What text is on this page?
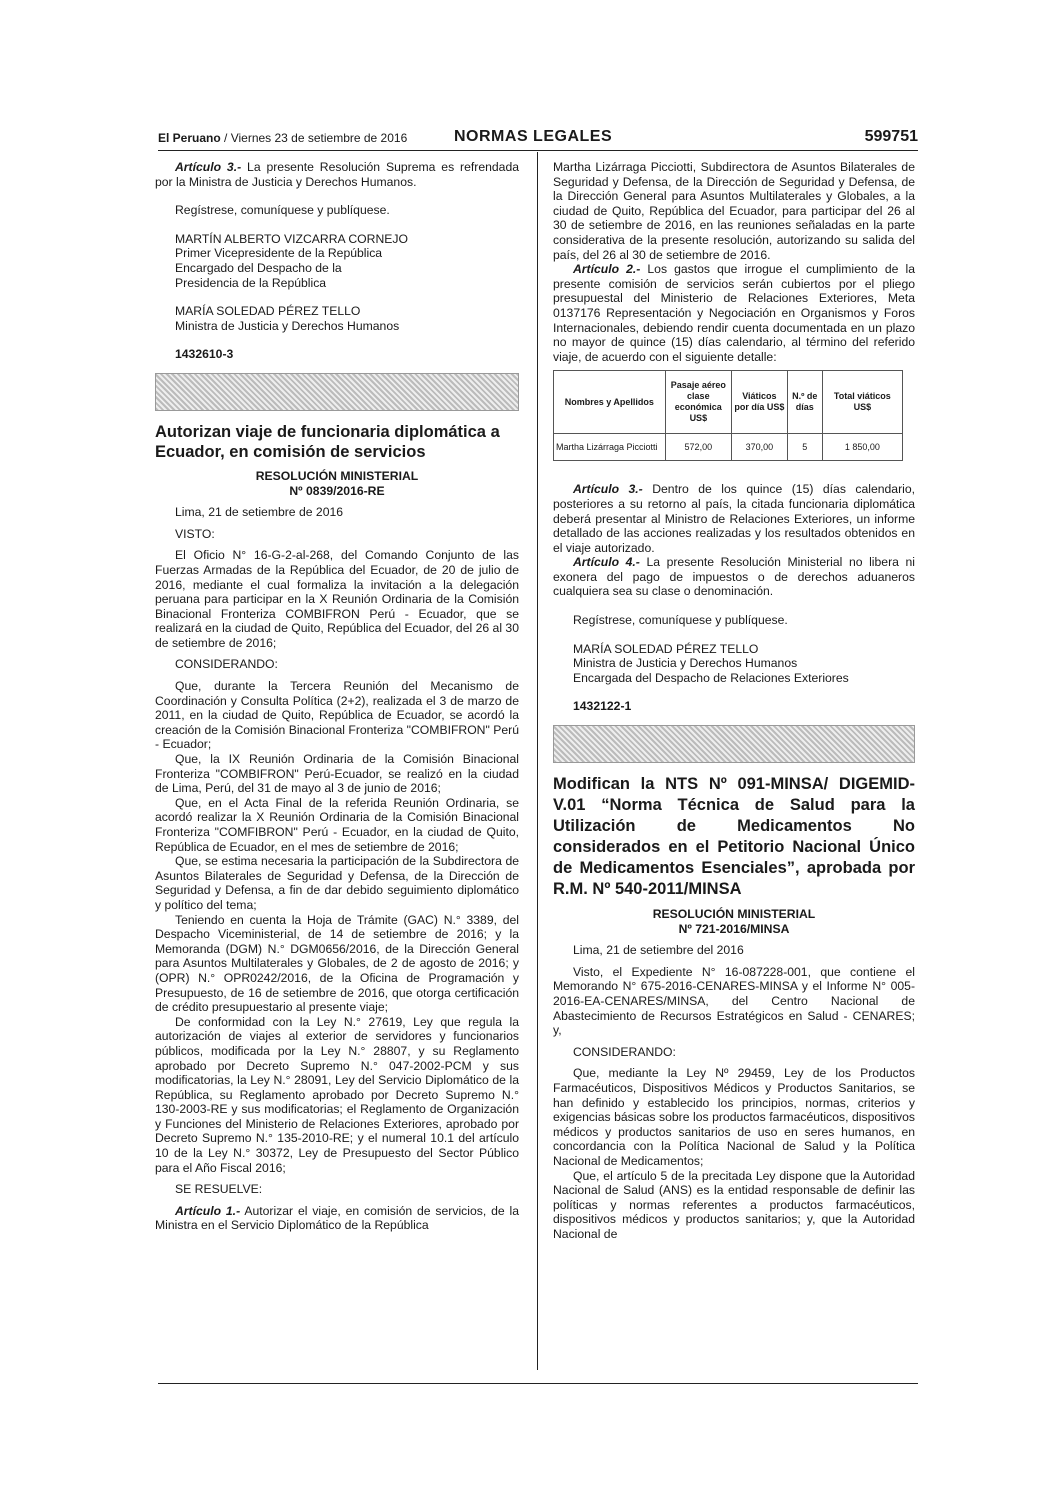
El Peruano / Viernes 23 de setiembre de 2016	NORMAS LEGALES	599751

Artículo 3.- La presente Resolución Suprema es refrendada por la Ministra de Justicia y Derechos Humanos.

Regístrese, comuníquese y publíquese.

MARTÍN ALBERTO VIZCARRA CORNEJO

Primer Vicepresidente de la República

Encargado del Despacho de la

Presidencia de la República

MARÍA SOLEDAD PÉREZ TELLO

Ministra de Justicia y Derechos Humanos

1432610-3

Autorizan viaje de funcionaria diplomática a Ecuador, en comisión de servicios

RESOLUCIÓN MINISTERIAL

Nº 0839/2016-RE

Lima, 21 de setiembre de 2016

VISTO:

El Oficio N° 16-G-2-al-268, del Comando Conjunto de las Fuerzas Armadas de la República del Ecuador, de 20 de julio de 2016, mediante el cual formaliza la invitación a la delegación peruana para participar en la X Reunión Ordinaria de la Comisión Binacional Fronteriza COMBIFRON Perú - Ecuador, que se realizará en la ciudad de Quito, República del Ecuador, del 26 al 30 de setiembre de 2016;

CONSIDERANDO:

Que, durante la Tercera Reunión del Mecanismo de Coordinación y Consulta Política (2+2), realizada el 3 de marzo de 2011, en la ciudad de Quito, República de Ecuador, se acordó la creación de la Comisión Binacional Fronteriza "COMBIFRON" Perú - Ecuador;

Que, la IX Reunión Ordinaria de la Comisión Binacional Fronteriza "COMBIFRON" Perú-Ecuador, se realizó en la ciudad de Lima, Perú, del 31 de mayo al 3 de junio de 2016;

Que, en el Acta Final de la referida Reunión Ordinaria, se acordó realizar la X Reunión Ordinaria de la Comisión Binacional Fronteriza "COMFIBRON" Perú - Ecuador, en la ciudad de Quito, República de Ecuador, en el mes de setiembre de 2016;

Que, se estima necesaria la participación de la Subdirectora de Asuntos Bilaterales de Seguridad y Defensa, de la Dirección de Seguridad y Defensa, a fin de dar debido seguimiento diplomático y político del tema;

Teniendo en cuenta la Hoja de Trámite (GAC) N.° 3389, del Despacho Viceministerial, de 14 de setiembre de 2016; y la Memoranda (DGM) N.° DGM0656/2016, de la Dirección General para Asuntos Multilaterales y Globales, de 2 de agosto de 2016; y (OPR) N.° OPR0242/2016, de la Oficina de Programación y Presupuesto, de 16 de setiembre de 2016, que otorga certificación de crédito presupuestario al presente viaje;

De conformidad con la Ley N.° 27619, Ley que regula la autorización de viajes al exterior de servidores y funcionarios públicos, modificada por la Ley N.° 28807, y su Reglamento aprobado por Decreto Supremo N.° 047-2002-PCM y sus modificatorias, la Ley N.° 28091, Ley del Servicio Diplomático de la República, su Reglamento aprobado por Decreto Supremo N.° 130-2003-RE y sus modificatorias; el Reglamento de Organización y Funciones del Ministerio de Relaciones Exteriores, aprobado por Decreto Supremo N.° 135-2010-RE; y el numeral 10.1 del artículo 10 de la Ley N.° 30372, Ley de Presupuesto del Sector Público para el Año Fiscal 2016;

SE RESUELVE:

Artículo 1.- Autorizar el viaje, en comisión de servicios, de la Ministra en el Servicio Diplomático de la República

Martha Lizárraga Picciotti, Subdirectora de Asuntos Bilaterales de Seguridad y Defensa, de la Dirección de Seguridad y Defensa, de la Dirección General para Asuntos Multilaterales y Globales, a la ciudad de Quito, República del Ecuador, para participar del 26 al 30 de setiembre de 2016, en las reuniones señaladas en la parte considerativa de la presente resolución, autorizando su salida del país, del 26 al 30 de setiembre de 2016.

Artículo 2.- Los gastos que irrogue el cumplimiento de la presente comisión de servicios serán cubiertos por el pliego presupuestal del Ministerio de Relaciones Exteriores, Meta 0137176 Representación y Negociación en Organismos y Foros Internacionales, debiendo rendir cuenta documentada en un plazo no mayor de quince (15) días calendario, al término del referido viaje, de acuerdo con el siguiente detalle:

Nombres y Apellidos	Pasaje aéreo clase económica US$	Viáticos por día US$	N.º de días	Total viáticos US$
Martha Lizárraga Picciotti	572,00	370,00	5	1 850,00

Artículo 3.- Dentro de los quince (15) días calendario, posteriores a su retorno al país, la citada funcionaria diplomática deberá presentar al Ministro de Relaciones Exteriores, un informe detallado de las acciones realizadas y los resultados obtenidos en el viaje autorizado.

Artículo 4.- La presente Resolución Ministerial no libera ni exonera del pago de impuestos o de derechos aduaneros cualquiera sea su clase o denominación.

Regístrese, comuníquese y publíquese.

MARÍA SOLEDAD PÉREZ TELLO

Ministra de Justicia y Derechos Humanos

Encargada del Despacho de Relaciones Exteriores

1432122-1

Modifican la NTS Nº 091-MINSA/ DIGEMID-V.01 “Norma Técnica de Salud para la Utilización de Medicamentos No considerados en el Petitorio Nacional Único de Medicamentos Esenciales”, aprobada por R.M. Nº 540-2011/MINSA

RESOLUCIÓN MINISTERIAL

Nº 721-2016/MINSA

Lima, 21 de setiembre del 2016

Visto, el Expediente N° 16-087228-001, que contiene el Memorando N° 675-2016-CENARES-MINSA y el Informe N° 005-2016-EA-CENARES/MINSA, del Centro Nacional de Abastecimiento de Recursos Estratégicos en Salud - CENARES; y,

CONSIDERANDO:

Que, mediante la Ley Nº 29459, Ley de los Productos Farmacéuticos, Dispositivos Médicos y Productos Sanitarios, se han definido y establecido los principios, normas, criterios y exigencias básicas sobre los productos farmacéuticos, dispositivos médicos y productos sanitarios de uso en seres humanos, en concordancia con la Política Nacional de Salud y la Política Nacional de Medicamentos;

Que, el artículo 5 de la precitada Ley dispone que la Autoridad Nacional de Salud (ANS) es la entidad responsable de definir las políticas y normas referentes a productos farmacéuticos, dispositivos médicos y productos sanitarios; y, que la Autoridad Nacional de
